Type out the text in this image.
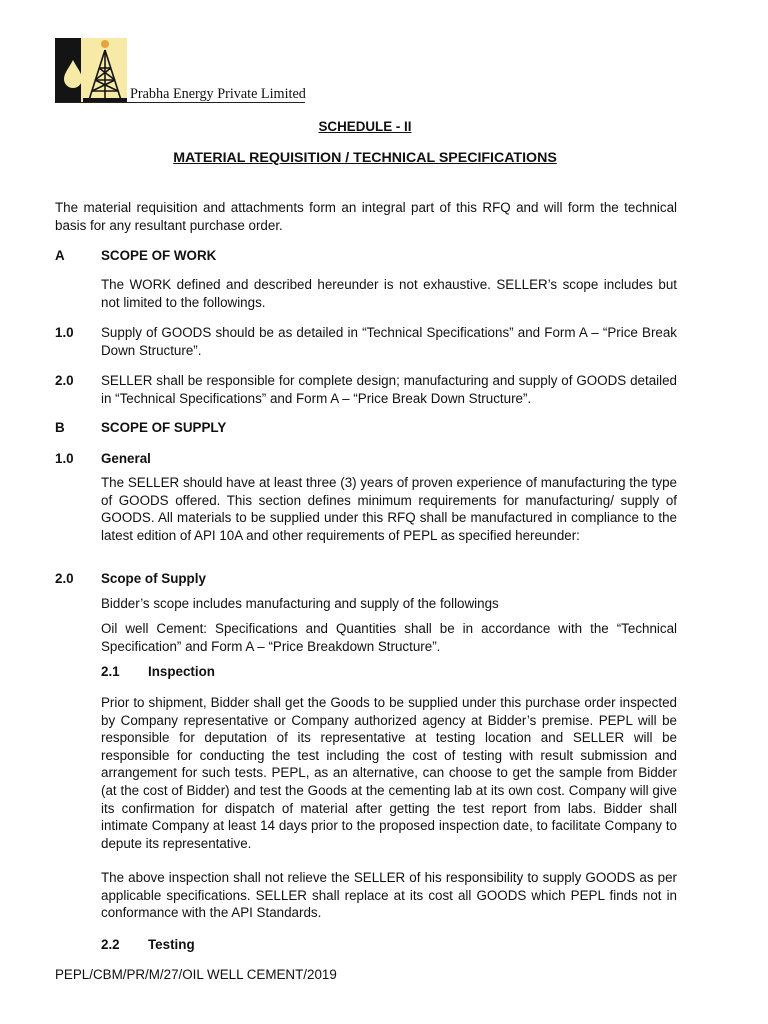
Prabha Energy Private Limited
SCHEDULE - II
MATERIAL REQUISITION / TECHNICAL SPECIFICATIONS

The material requisition and attachments form an integral part of this RFQ and will form the technical basis for any resultant purchase order.

A	SCOPE OF WORK

The WORK defined and described hereunder is not exhaustive. SELLER’s scope includes but not limited to the followings.

1.0	Supply of GOODS should be as detailed in “Technical Specifications” and Form A – “Price Break Down Structure”.
2.0	SELLER shall be responsible for complete design; manufacturing and supply of GOODS detailed in “Technical Specifications” and Form A – “Price Break Down Structure”.
B	SCOPE OF SUPPLY
1.0	General

The SELLER should have at least three (3) years of proven experience of manufacturing the type of GOODS offered. This section defines minimum requirements for manufacturing/ supply of GOODS. All materials to be supplied under this RFQ shall be manufactured in compliance to the latest edition of API 10A and other requirements of PEPL as specified hereunder:

2.0	Scope of Supply

Bidder’s scope includes manufacturing and supply of the followings

Oil well Cement: Specifications and Quantities shall be in accordance with the “Technical Specification” and Form A – “Price Breakdown Structure”.

2.1 Inspection

Prior to shipment, Bidder shall get the Goods to be supplied under this purchase order inspected by Company representative or Company authorized agency at Bidder’s premise. PEPL will be responsible for deputation of its representative at testing location and SELLER will be responsible for conducting the test including the cost of testing with result submission and arrangement for such tests. PEPL, as an alternative, can choose to get the sample from Bidder (at the cost of Bidder) and test the Goods at the cementing lab at its own cost. Company will give its confirmation for dispatch of material after getting the test report from labs. Bidder shall intimate Company at least 14 days prior to the proposed inspection date, to facilitate Company to depute its representative.

The above inspection shall not relieve the SELLER of his responsibility to supply GOODS as per applicable specifications. SELLER shall replace at its cost all GOODS which PEPL finds not in conformance with the API Standards.

2.2 Testing
PEPL/CBM/PR/M/27/OIL WELL CEMENT/2019
